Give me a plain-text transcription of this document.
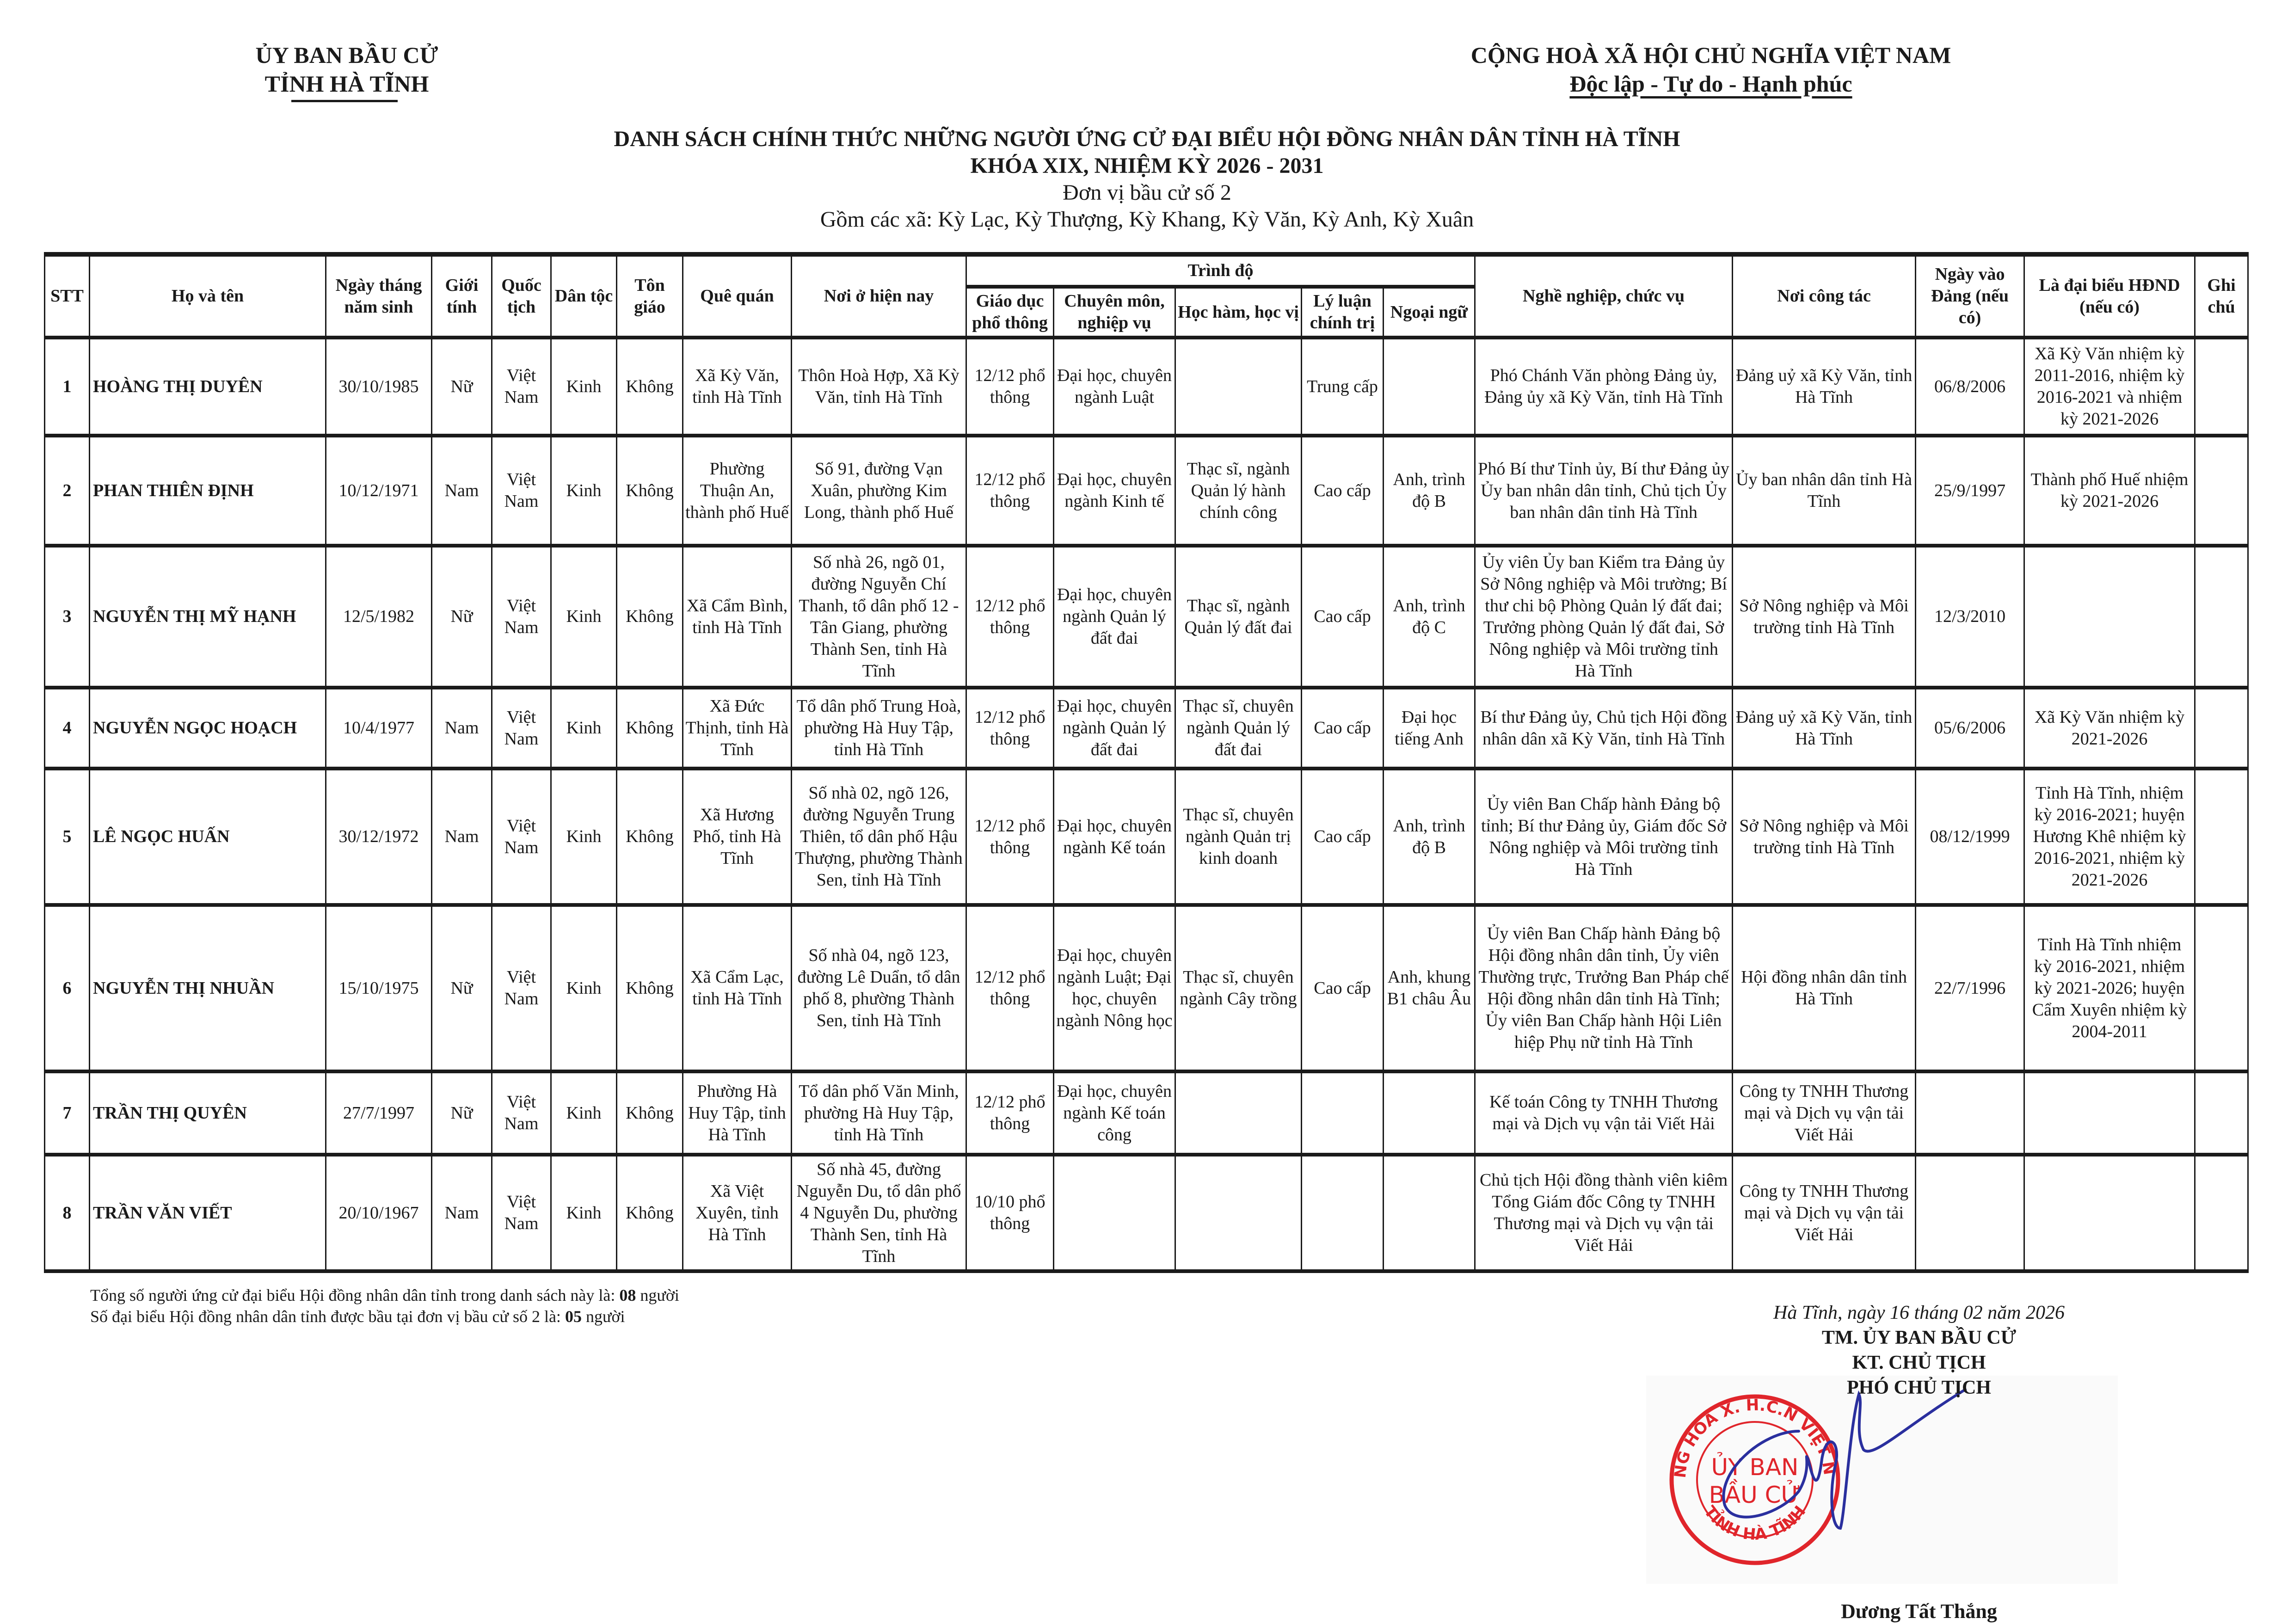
ỦY BAN BẦU CỬ
TỈNH HÀ TĨNH
CỘNG HOÀ XÃ HỘI CHỦ NGHĨA VIỆT NAM
Độc lập - Tự do - Hạnh phúc
DANH SÁCH CHÍNH THỨC NHỮNG NGƯỜI ỨNG CỬ ĐẠI BIỂU HỘI ĐỒNG NHÂN DÂN TỈNH HÀ TĨNH
KHÓA XIX, NHIỆM KỲ 2026 - 2031
Đơn vị bầu cử số 2
Gồm các xã: Kỳ Lạc, Kỳ Thượng, Kỳ Khang, Kỳ Văn, Kỳ Anh, Kỳ Xuân
STT	Họ và tên	Ngày tháng năm sinh	Giới tính	Quốc tịch	Dân tộc	Tôn giáo	Quê quán	Nơi ở hiện nay	Trình độ					Nghề nghiệp, chức vụ	Nơi công tác	Ngày vào Đảng (nếu có)	Là đại biểu HĐND (nếu có)	Ghi chú
									Giáo dục phổ thông	Chuyên môn, nghiệp vụ	Học hàm, học vị	Lý luận chính trị	Ngoại ngữ					
1	HOÀNG THỊ DUYÊN	30/10/1985	Nữ	Việt Nam	Kinh	Không	Xã Kỳ Văn, tỉnh Hà Tĩnh	Thôn Hoà Hợp, Xã Kỳ Văn, tỉnh Hà Tĩnh	12/12 phổ thông	Đại học, chuyên ngành Luật		Trung cấp		Phó Chánh Văn phòng Đảng ủy, Đảng ủy xã Kỳ Văn, tỉnh Hà Tĩnh	Đảng uỷ xã Kỳ Văn, tỉnh Hà Tĩnh	06/8/2006	Xã Kỳ Văn nhiệm kỳ 2011-2016, nhiệm kỳ 2016-2021 và nhiệm kỳ 2021-2026	
2	PHAN THIÊN ĐỊNH	10/12/1971	Nam	Việt Nam	Kinh	Không	Phường Thuận An, thành phố Huế	Số 91, đường Vạn Xuân, phường Kim Long, thành phố Huế	12/12 phổ thông	Đại học, chuyên ngành Kinh tế	Thạc sĩ, ngành Quản lý hành chính công	Cao cấp	Anh, trình độ B	Phó Bí thư Tỉnh ủy, Bí thư Đảng ủy Ủy ban nhân dân tỉnh, Chủ tịch Ủy ban nhân dân tỉnh Hà Tĩnh	Ủy ban nhân dân tỉnh Hà Tĩnh	25/9/1997	Thành phố Huế nhiệm kỳ 2021-2026	
3	NGUYỄN THỊ MỸ HẠNH	12/5/1982	Nữ	Việt Nam	Kinh	Không	Xã Cẩm Bình, tỉnh Hà Tĩnh	Số nhà 26, ngõ 01, đường Nguyễn Chí Thanh, tổ dân phố 12 - Tân Giang, phường Thành Sen, tỉnh Hà Tĩnh	12/12 phổ thông	Đại học, chuyên ngành Quản lý đất đai	Thạc sĩ, ngành Quản lý đất đai	Cao cấp	Anh, trình độ C	Ủy viên Ủy ban Kiểm tra Đảng ủy Sở Nông nghiệp và Môi trường; Bí thư chi bộ Phòng Quản lý đất đai; Trưởng phòng Quản lý đất đai, Sở Nông nghiệp và Môi trường tỉnh Hà Tĩnh	Sở Nông nghiệp và Môi trường tỉnh Hà Tĩnh	12/3/2010		
4	NGUYỄN NGỌC HOẠCH	10/4/1977	Nam	Việt Nam	Kinh	Không	Xã Đức Thịnh, tỉnh Hà Tĩnh	Tổ dân phố Trung Hoà, phường Hà Huy Tập, tỉnh Hà Tĩnh	12/12 phổ thông	Đại học, chuyên ngành Quản lý đất đai	Thạc sĩ, chuyên ngành Quản lý đất đai	Cao cấp	Đại học tiếng Anh	Bí thư Đảng ủy, Chủ tịch Hội đồng nhân dân xã Kỳ Văn, tỉnh Hà Tĩnh	Đảng uỷ xã Kỳ Văn, tỉnh Hà Tĩnh	05/6/2006	Xã Kỳ Văn nhiệm kỳ 2021-2026	
5	LÊ NGỌC HUẤN	30/12/1972	Nam	Việt Nam	Kinh	Không	Xã Hương Phố, tỉnh Hà Tĩnh	Số nhà 02, ngõ 126, đường Nguyễn Trung Thiên, tổ dân phố Hậu Thượng, phường Thành Sen, tỉnh Hà Tĩnh	12/12 phổ thông	Đại học, chuyên ngành Kế toán	Thạc sĩ, chuyên ngành Quản trị kinh doanh	Cao cấp	Anh, trình độ B	Ủy viên Ban Chấp hành Đảng bộ tỉnh; Bí thư Đảng ủy, Giám đốc Sở Nông nghiệp và Môi trường tỉnh Hà Tĩnh	Sở Nông nghiệp và Môi trường tỉnh Hà Tĩnh	08/12/1999	Tỉnh Hà Tĩnh, nhiệm kỳ 2016-2021; huyện Hương Khê nhiệm kỳ 2016-2021, nhiệm kỳ 2021-2026	
6	NGUYỄN THỊ NHUẦN	15/10/1975	Nữ	Việt Nam	Kinh	Không	Xã Cẩm Lạc, tỉnh Hà Tĩnh	Số nhà 04, ngõ 123, đường Lê Duẩn, tổ dân phố 8, phường Thành Sen, tỉnh Hà Tĩnh	12/12 phổ thông	Đại học, chuyên ngành Luật; Đại học, chuyên ngành Nông học	Thạc sĩ, chuyên ngành Cây trồng	Cao cấp	Anh, khung B1 châu Âu	Ủy viên Ban Chấp hành Đảng bộ Hội đồng nhân dân tỉnh, Ủy viên Thường trực, Trưởng Ban Pháp chế Hội đồng nhân dân tỉnh Hà Tĩnh; Ủy viên Ban Chấp hành Hội Liên hiệp Phụ nữ tỉnh Hà Tĩnh	Hội đồng nhân dân tỉnh Hà Tĩnh	22/7/1996	Tỉnh Hà Tĩnh nhiệm kỳ 2016-2021, nhiệm kỳ 2021-2026; huyện Cẩm Xuyên nhiệm kỳ 2004-2011	
7	TRẦN THỊ QUYÊN	27/7/1997	Nữ	Việt Nam	Kinh	Không	Phường Hà Huy Tập, tỉnh Hà Tĩnh	Tổ dân phố Văn Minh, phường Hà Huy Tập, tỉnh Hà Tĩnh	12/12 phổ thông	Đại học, chuyên ngành Kế toán công				Kế toán Công ty TNHH Thương mại và Dịch vụ vận tải Viết Hải	Công ty TNHH Thương mại và Dịch vụ vận tải Viết Hải			
8	TRẦN VĂN VIẾT	20/10/1967	Nam	Việt Nam	Kinh	Không	Xã Việt Xuyên, tỉnh Hà Tĩnh	Số nhà 45, đường Nguyễn Du, tổ dân phố 4 Nguyễn Du, phường Thành Sen, tỉnh Hà Tĩnh	10/10 phổ thông					Chủ tịch Hội đồng thành viên kiêm Tổng Giám đốc Công ty TNHH Thương mại và Dịch vụ vận tải Viết Hải	Công ty TNHH Thương mại và Dịch vụ vận tải Viết Hải			
Tổng số người ứng cử đại biểu Hội đồng nhân dân tỉnh trong danh sách này là: 08 người
Số đại biểu Hội đồng nhân dân tỉnh được bầu tại đơn vị bầu cử số 2 là: 05 người
NG HÒA X. H.C.N VIỆT N
TỈNH HÀ TĨNH
ỦY BAN
BẦU CỬ
Hà Tĩnh, ngày 16 tháng 02 năm 2026
TM. ỦY BAN BẦU CỬ
KT. CHỦ TỊCH
PHÓ CHỦ TỊCH
Dương Tất Thắng
